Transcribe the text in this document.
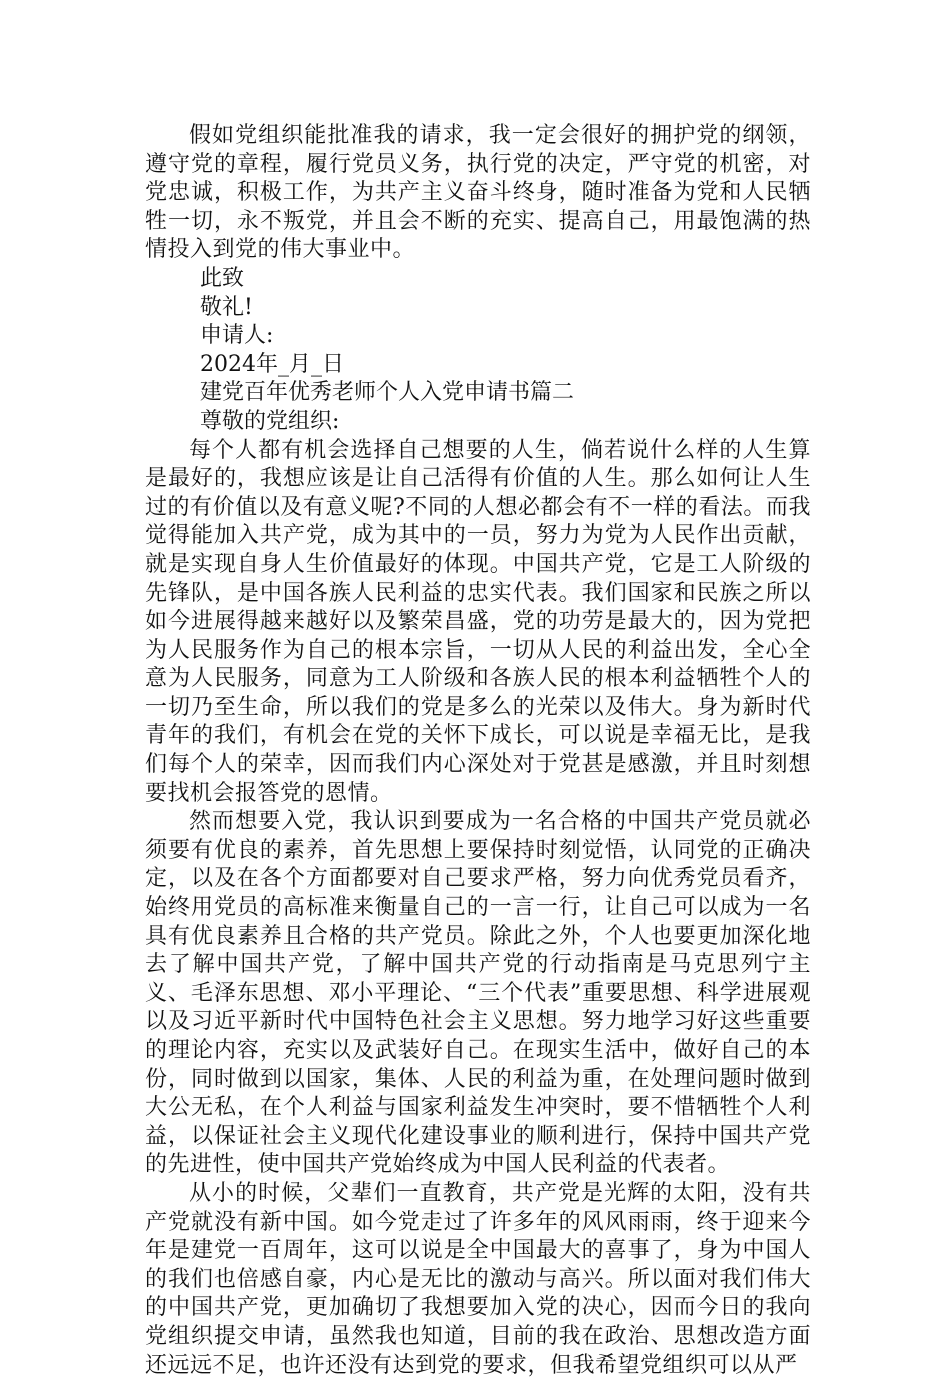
假如党组织能批准我的请求，我一定会很好的拥护党的纲领，遵守党的章程，履行党员义务，执行党的决定，严守党的机密，对党忠诚，积极工作，为共产主义奋斗终身，随时准备为党和人民牺牲一切，永不叛党，并且会不断的充实、提高自己，用最饱满的热情投入到党的伟大事业中。

此致

敬礼!

申请人:

2024年_月_日

建党百年优秀老师个人入党申请书篇二

尊敬的党组织:

每个人都有机会选择自己想要的人生，倘若说什么样的人生算是最好的，我想应该是让自己活得有价值的人生。那么如何让人生过的有价值以及有意义呢?不同的人想必都会有不一样的看法。而我觉得能加入共产党，成为其中的一员，努力为党为人民作出贡献，就是实现自身人生价值最好的体现。中国共产党，它是工人阶级的先锋队，是中国各族人民利益的忠实代表。我们国家和民族之所以如今进展得越来越好以及繁荣昌盛，党的功劳是最大的，因为党把为人民服务作为自己的根本宗旨，一切从人民的利益出发，全心全意为人民服务，同意为工人阶级和各族人民的根本利益牺牲个人的一切乃至生命，所以我们的党是多么的光荣以及伟大。身为新时代青年的我们，有机会在党的关怀下成长，可以说是幸福无比，是我们每个人的荣幸，因而我们内心深处对于党甚是感激，并且时刻想要找机会报答党的恩情。

然而想要入党，我认识到要成为一名合格的中国共产党员就必须要有优良的素养，首先思想上要保持时刻觉悟，认同党的正确决定，以及在各个方面都要对自己要求严格，努力向优秀党员看齐，始终用党员的高标准来衡量自己的一言一行，让自己可以成为一名具有优良素养且合格的共产党员。除此之外，个人也要更加深化地去了解中国共产党，了解中国共产党的行动指南是马克思列宁主义、毛泽东思想、邓小平理论、“三个代表”重要思想、科学进展观以及习近平新时代中国特色社会主义思想。努力地学习好这些重要的理论内容，充实以及武装好自己。在现实生活中，做好自己的本份，同时做到以国家，集体、人民的利益为重，在处理问题时做到大公无私，在个人利益与国家利益发生冲突时，要不惜牺牲个人利益，以保证社会主义现代化建设事业的顺利进行，保持中国共产党的先进性，使中国共产党始终成为中国人民利益的代表者。

从小的时候，父辈们一直教育，共产党是光辉的太阳，没有共产党就没有新中国。如今党走过了许多年的风风雨雨，终于迎来今年是建党一百周年，这可以说是全中国最大的喜事了，身为中国人的我们也倍感自豪，内心是无比的激动与高兴。所以面对我们伟大的中国共产党，更加确切了我想要加入党的决心，因而今日的我向党组织提交申请，虽然我也知道，目前的我在政治、思想改造方面还远远不足，也许还没有达到党的要求，但我希望党组织可以从严
